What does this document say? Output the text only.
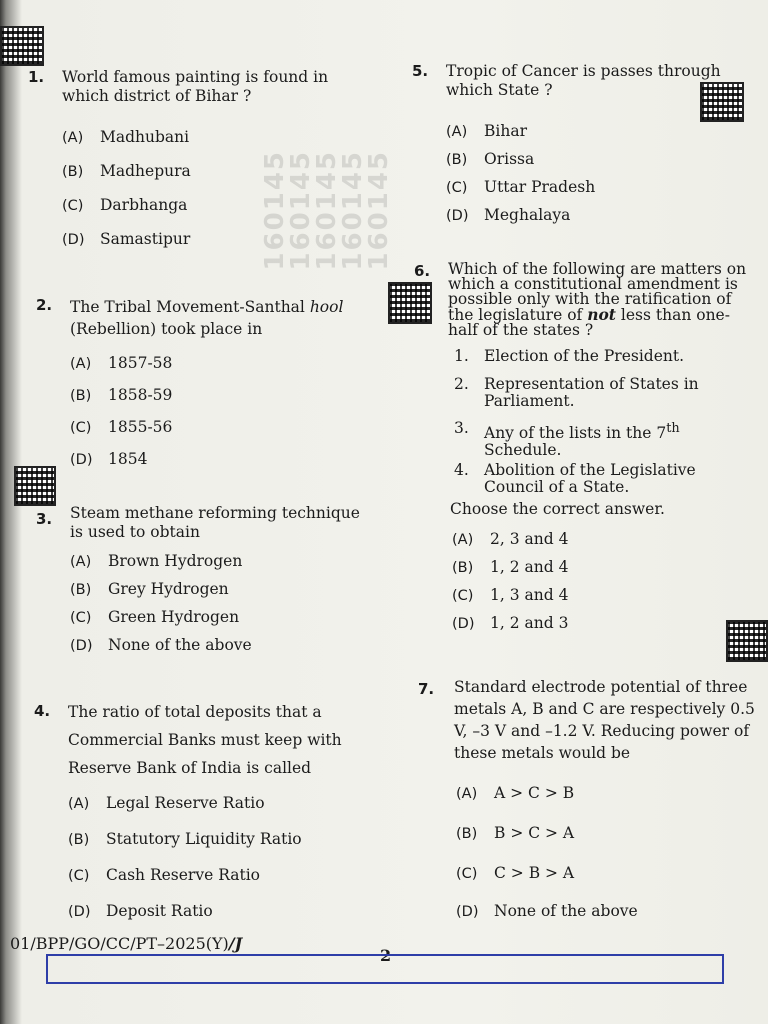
160145
160145
160145
160145
160145
1. World famous painting is found in which district of Bihar ?
(A) Madhubani
(B) Madhepura
(C) Darbhanga
(D) Samastipur
2. The Tribal Movement-Santhal hool (Rebellion) took place in
(A) 1857-58
(B) 1858-59
(C) 1855-56
(D) 1854
3. Steam methane reforming technique is used to obtain
(A) Brown Hydrogen
(B) Grey Hydrogen
(C) Green Hydrogen
(D) None of the above
4. The ratio of total deposits that a Commercial Banks must keep with Reserve Bank of India is called
(A) Legal Reserve Ratio
(B) Statutory Liquidity Ratio
(C) Cash Reserve Ratio
(D) Deposit Ratio
5. Tropic of Cancer is passes through which State ?
(A) Bihar
(B) Orissa
(C) Uttar Pradesh
(D) Meghalaya
6. Which of the following are matters on which a constitutional amendment is possible only with the ratification of the legislature of not less than one-half of the states ?
1. Election of the President.
2. Representation of States in Parliament.
3. Any of the lists in the 7th Schedule.
4. Abolition of the Legislative Council of a State.
Choose the correct answer.
(A) 2, 3 and 4
(B) 1, 2 and 4
(C) 1, 3 and 4
(D) 1, 2 and 3
7. Standard electrode potential of three metals A, B and C are respectively 0.5 V, –3 V and –1.2 V. Reducing power of these metals would be
(A) A > C > B
(B) B > C > A
(C) C > B > A
(D) None of the above
01/BPP/GO/CC/PT–2025(Y)/J
2
